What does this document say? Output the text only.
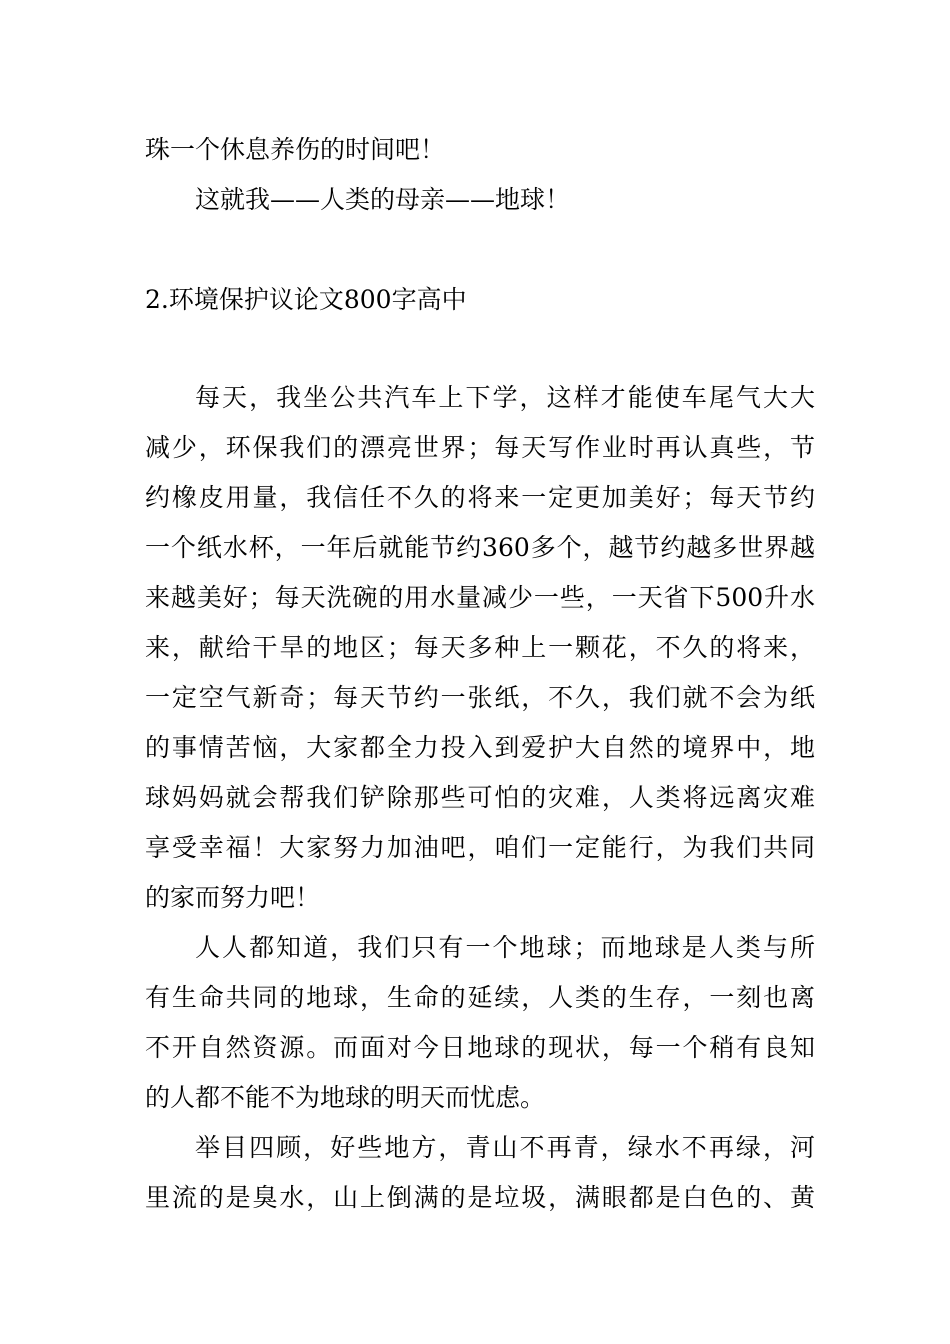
珠一个休息养伤的时间吧！
这就我——人类的母亲——地球！
2.环境保护议论文800字高中
每天，我坐公共汽车上下学，这样才能使车尾气大大
减少，环保我们的漂亮世界；每天写作业时再认真些，节
约橡皮用量，我信任不久的将来一定更加美好；每天节约
一个纸水杯，一年后就能节约360多个，越节约越多世界越
来越美好；每天洗碗的用水量减少一些，一天省下500升水
来，献给干旱的地区；每天多种上一颗花，不久的将来，
一定空气新奇；每天节约一张纸，不久，我们就不会为纸
的事情苦恼，大家都全力投入到爱护大自然的境界中，地
球妈妈就会帮我们铲除那些可怕的灾难，人类将远离灾难
享受幸福！大家努力加油吧，咱们一定能行，为我们共同
的家而努力吧！
人人都知道，我们只有一个地球；而地球是人类与所
有生命共同的地球，生命的延续，人类的生存，一刻也离
不开自然资源。而面对今日地球的现状，每一个稍有良知
的人都不能不为地球的明天而忧虑。
举目四顾，好些地方，青山不再青，绿水不再绿，河
里流的是臭水，山上倒满的是垃圾，满眼都是白色的、黄
